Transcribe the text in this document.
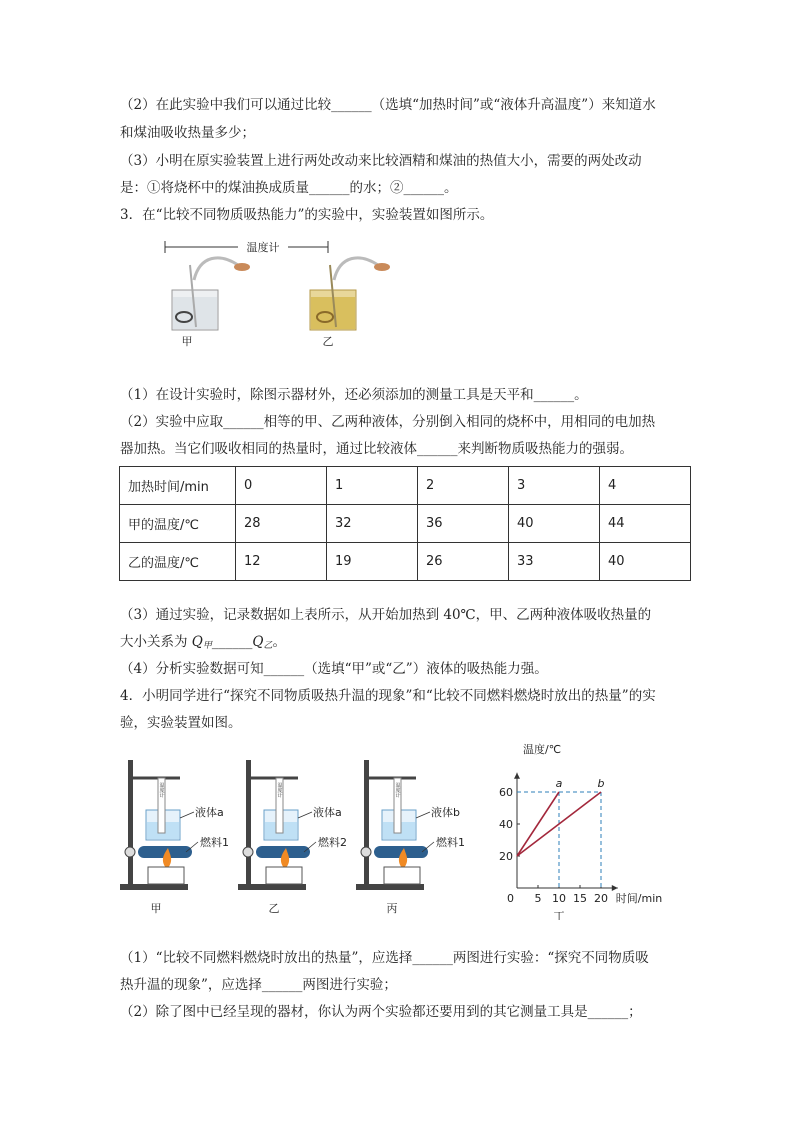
（2）在此实验中我们可以通过比较______（选填“加热时间”或“液体升高温度”）来知道水
和煤油吸收热量多少；
（3）小明在原实验装置上进行两处改动来比较酒精和煤油的热值大小，需要的两处改动
是：①将烧杯中的煤油换成质量______的水；②______。
3．在“比较不同物质吸热能力”的实验中，实验装置如图所示。
温度计
甲	乙
（1）在设计实验时，除图示器材外，还必须添加的测量工具是天平和______。
（2）实验中应取______相等的甲、乙两种液体，分别倒入相同的烧杯中，用相同的电加热
器加热。当它们吸收相同的热量时，通过比较液体______来判断物质吸热能力的强弱。
加热时间/min	0	1	2	3	4
甲的温度/℃	28	32	36	40	44
乙的温度/℃	12	19	26	33	40
（3）通过实验，记录数据如上表所示，从开始加热到 40℃，甲、乙两种液体吸收热量的
大小关系为 $Q_甲\_\_\_\_\_\_Q_乙$。
（4）分析实验数据可知______（选填“甲”或“乙”）液体的吸热能力强。
4．小明同学进行“探究不同物质吸热升温的现象”和“比较不同燃料燃烧时放出的热量”的实
验，实验装置如图。
温度计
液体a
燃料1
甲
温度计
液体a
燃料2
乙
温度计
液体b
燃料1
丙
温度/℃
时间/min
0 5 10 15 20
20
40
60
a	b
丁
（1）“比较不同燃料燃烧时放出的热量”，应选择______两图进行实验：“探究不同物质吸
热升温的现象”，应选择______两图进行实验；
（2）除了图中已经呈现的器材，你认为两个实验都还要用到的其它测量工具是______；
